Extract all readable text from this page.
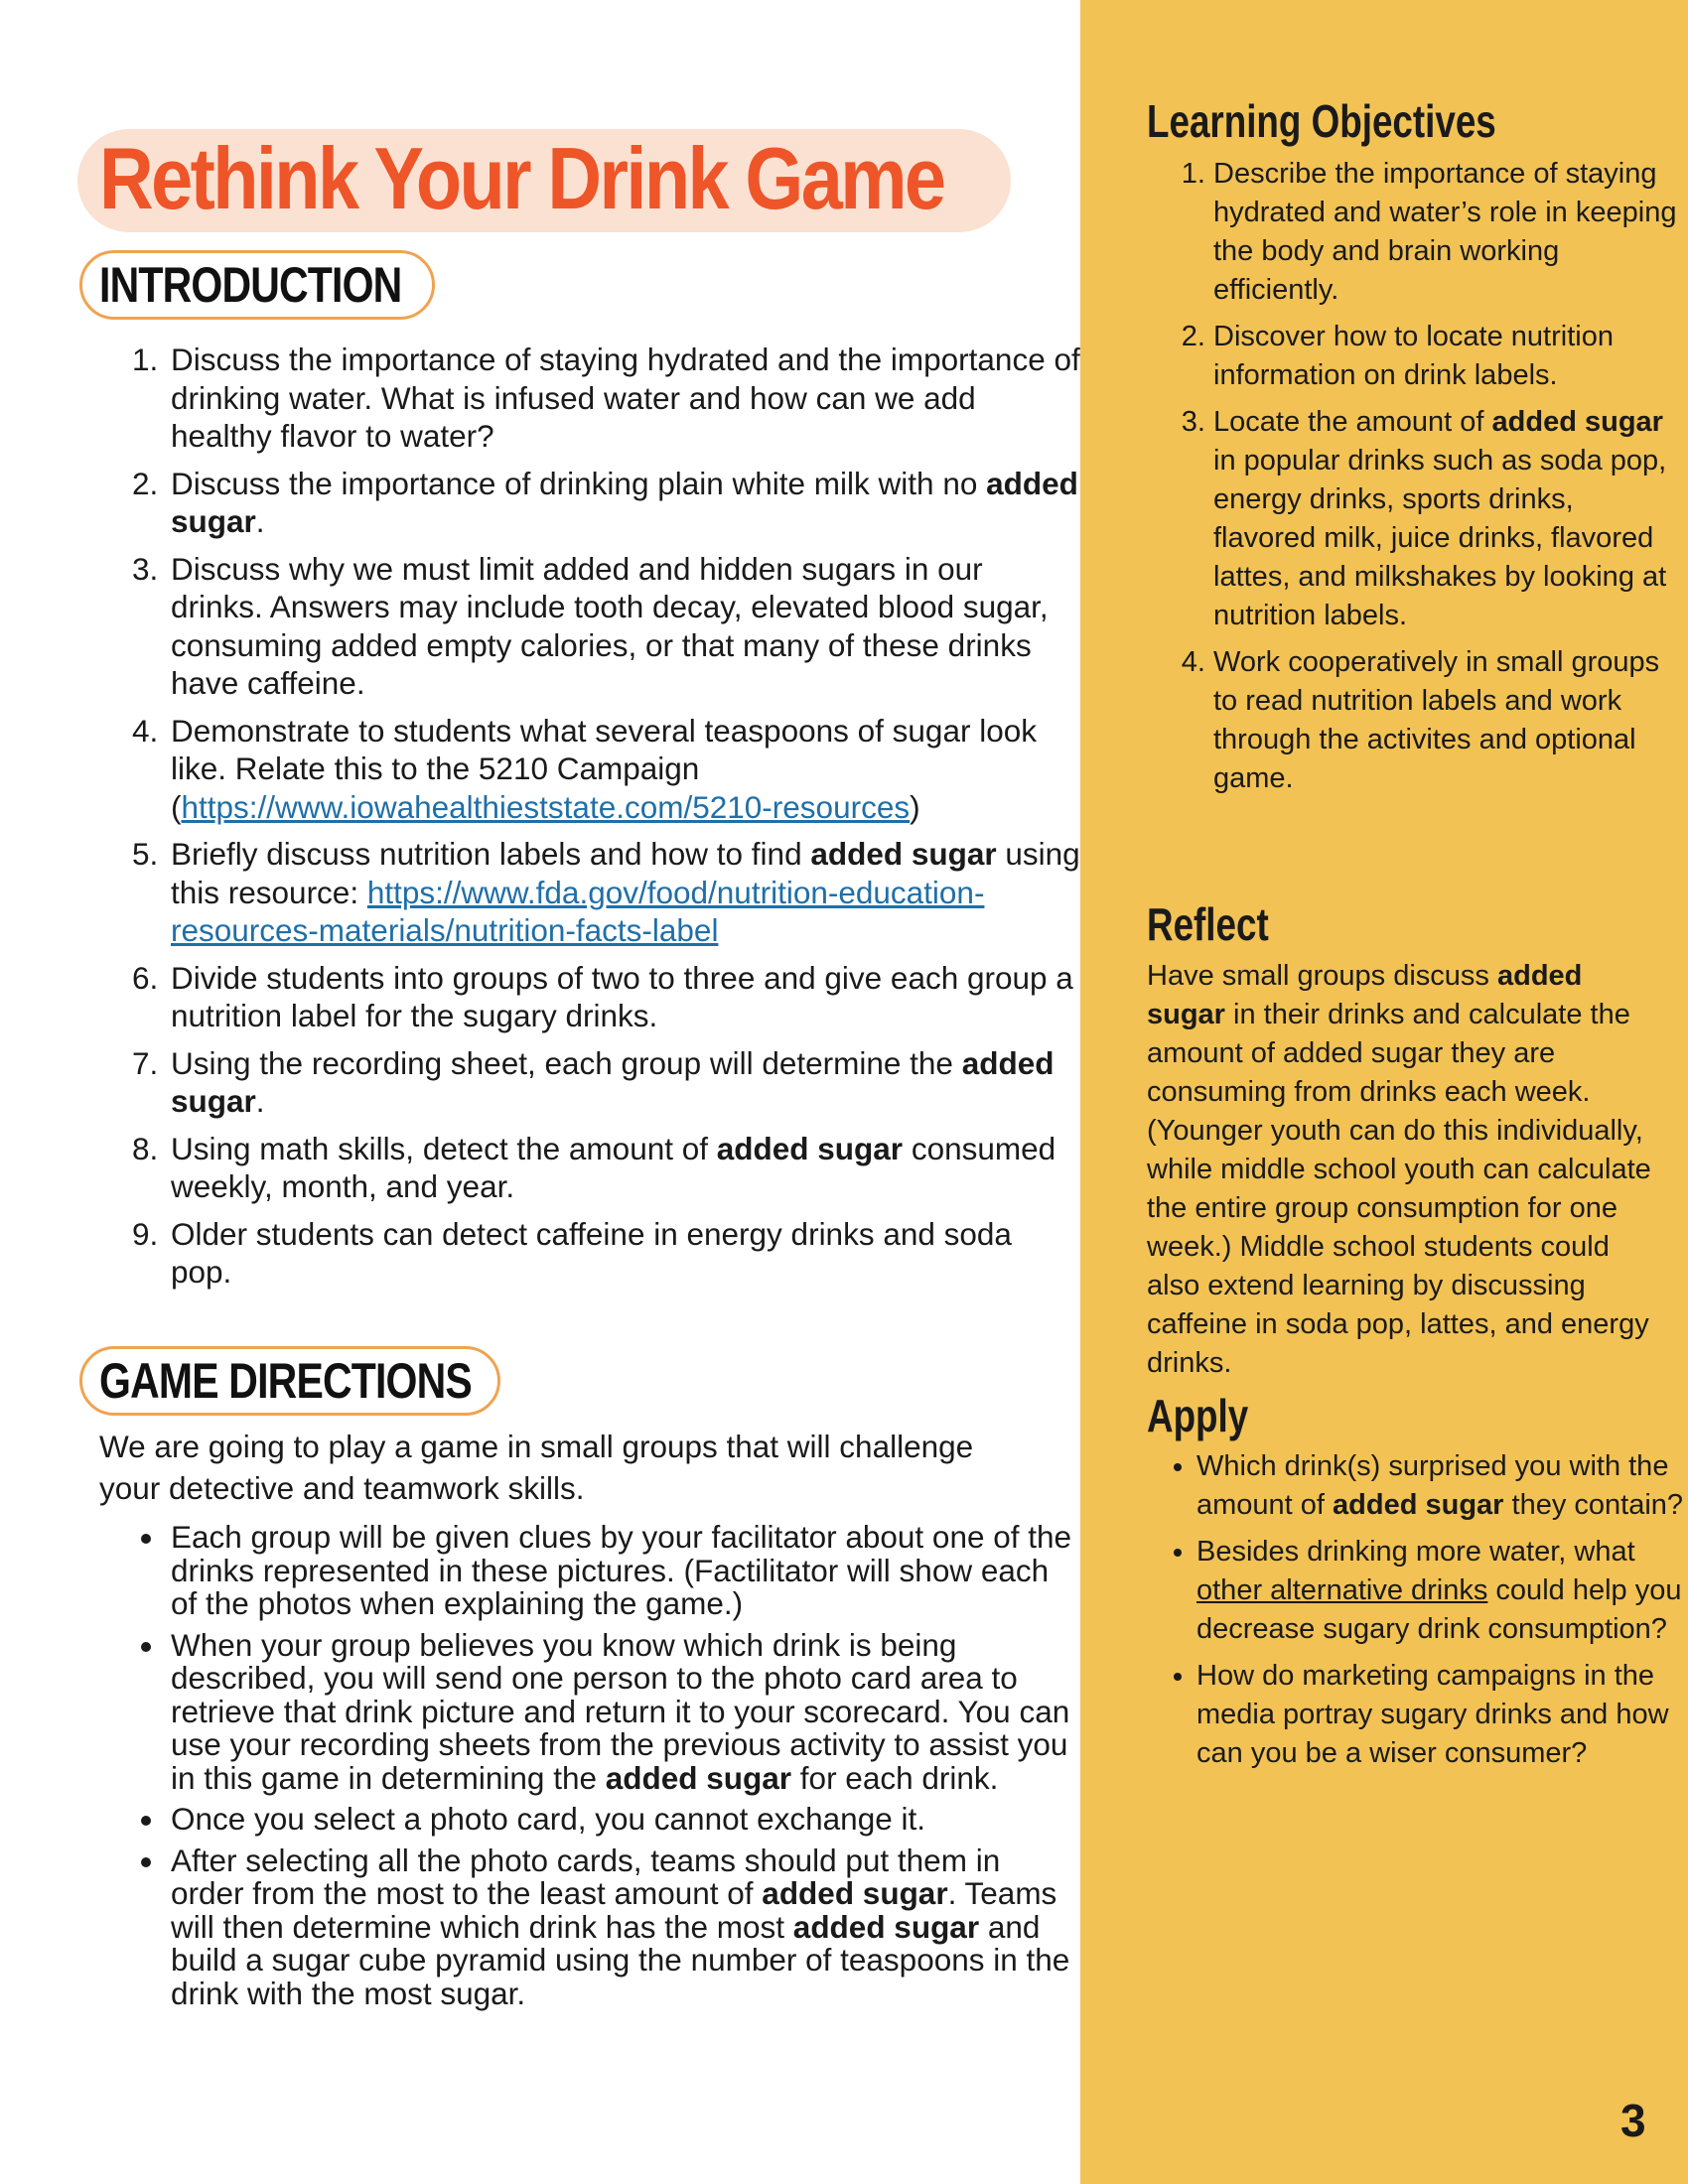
Rethink Your Drink Game
INTRODUCTION
1. Discuss the importance of staying hydrated and the importance of drinking water. What is infused water and how can we add healthy flavor to water?
2. Discuss the importance of drinking plain white milk with no added sugar.
3. Discuss why we must limit added and hidden sugars in our drinks. Answers may include tooth decay, elevated blood sugar, consuming added empty calories, or that many of these drinks have caffeine.
4. Demonstrate to students what several teaspoons of sugar look like. Relate this to the 5210 Campaign (https://www.iowahealthieststate.com/5210-resources)
5. Briefly discuss nutrition labels and how to find added sugar using this resource: https://www.fda.gov/food/nutrition-education-resources-materials/nutrition-facts-label
6. Divide students into groups of two to three and give each group a nutrition label for the sugary drinks.
7. Using the recording sheet, each group will determine the added sugar.
8. Using math skills, detect the amount of added sugar consumed weekly, month, and year.
9. Older students can detect caffeine in energy drinks and soda pop.
GAME DIRECTIONS

We are going to play a game in small groups that will challenge your detective and teamwork skills.

• Each group will be given clues by your facilitator about one of the drinks represented in these pictures. (Factilitator will show each of the photos when explaining the game.)
• When your group believes you know which drink is being described, you will send one person to the photo card area to retrieve that drink picture and return it to your scorecard. You can use your recording sheets from the previous activity to assist you in this game in determining the added sugar for each drink.
• Once you select a photo card, you cannot exchange it.
• After selecting all the photo cards, teams should put them in order from the most to the least amount of added sugar. Teams will then determine which drink has the most added sugar and build a sugar cube pyramid using the number of teaspoons in the drink with the most sugar.
Learning Objectives
1. Describe the importance of staying hydrated and water’s role in keeping the body and brain working efficiently.
2. Discover how to locate nutrition information on drink labels.
3. Locate the amount of added sugar in popular drinks such as soda pop, energy drinks, sports drinks, flavored milk, juice drinks, flavored lattes, and milkshakes by looking at nutrition labels.
4. Work cooperatively in small groups to read nutrition labels and work through the activites and optional game.
Reflect

Have small groups discuss added sugar in their drinks and calculate the amount of added sugar they are consuming from drinks each week. (Younger youth can do this individually, while middle school youth can calculate the entire group consumption for one week.) Middle school students could also extend learning by discussing caffeine in soda pop, lattes, and energy drinks.

Apply
• Which drink(s) surprised you with the amount of added sugar they contain?
• Besides drinking more water, what other alternative drinks could help you decrease sugary drink consumption?
• How do marketing campaigns in the media portray sugary drinks and how can you be a wiser consumer?

3
